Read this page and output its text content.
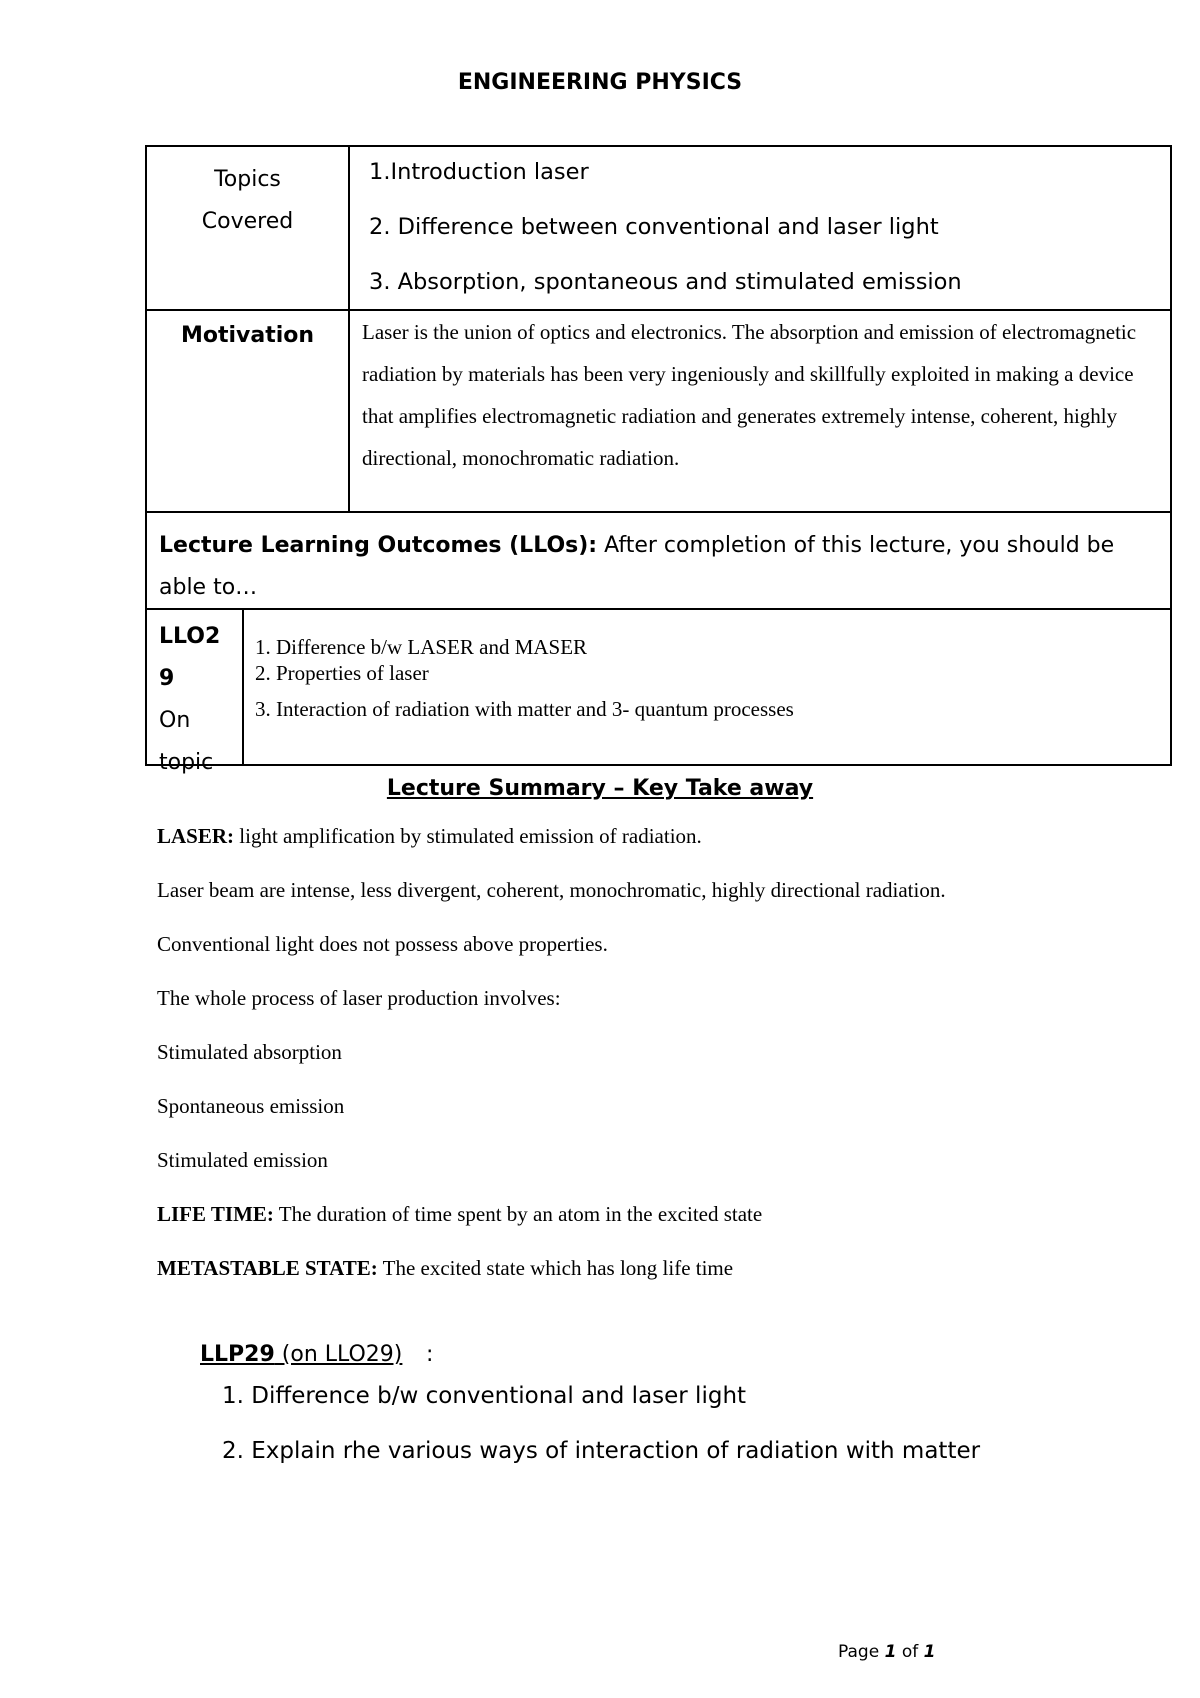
ENGINEERING PHYSICS
Topics
Covered
1.Introduction laser
2. Difference between conventional and laser light
3. Absorption, spontaneous and stimulated emission
Motivation	Laser is the union of optics and electronics. The absorption and emission of electromagnetic radiation by materials has been very ingeniously and skillfully exploited in making a device that amplifies electromagnetic radiation and generates extremely intense, coherent, highly directional, monochromatic radiation.

Lecture Learning Outcomes (LLOs): After completion of this lecture, you should be able to…

LLO2
9
On
topic
1. Difference b/w LASER and MASER
2. Properties of laser
3. Interaction of radiation with matter and 3- quantum processes
Lecture Summary – Key Take away
LASER: light amplification by stimulated emission of radiation.
Laser beam are intense, less divergent, coherent, monochromatic, highly directional radiation.
Conventional light does not possess above properties.
The whole process of laser production involves:
Stimulated absorption
Spontaneous emission
Stimulated emission
LIFE TIME: The duration of time spent by an atom in the excited state
METASTABLE STATE: The excited state which has long life time
LLP29 (on LLO29) :
1. Difference b/w conventional and laser light
2. Explain rhe various ways of interaction of radiation with matter
Page 1 of 1
